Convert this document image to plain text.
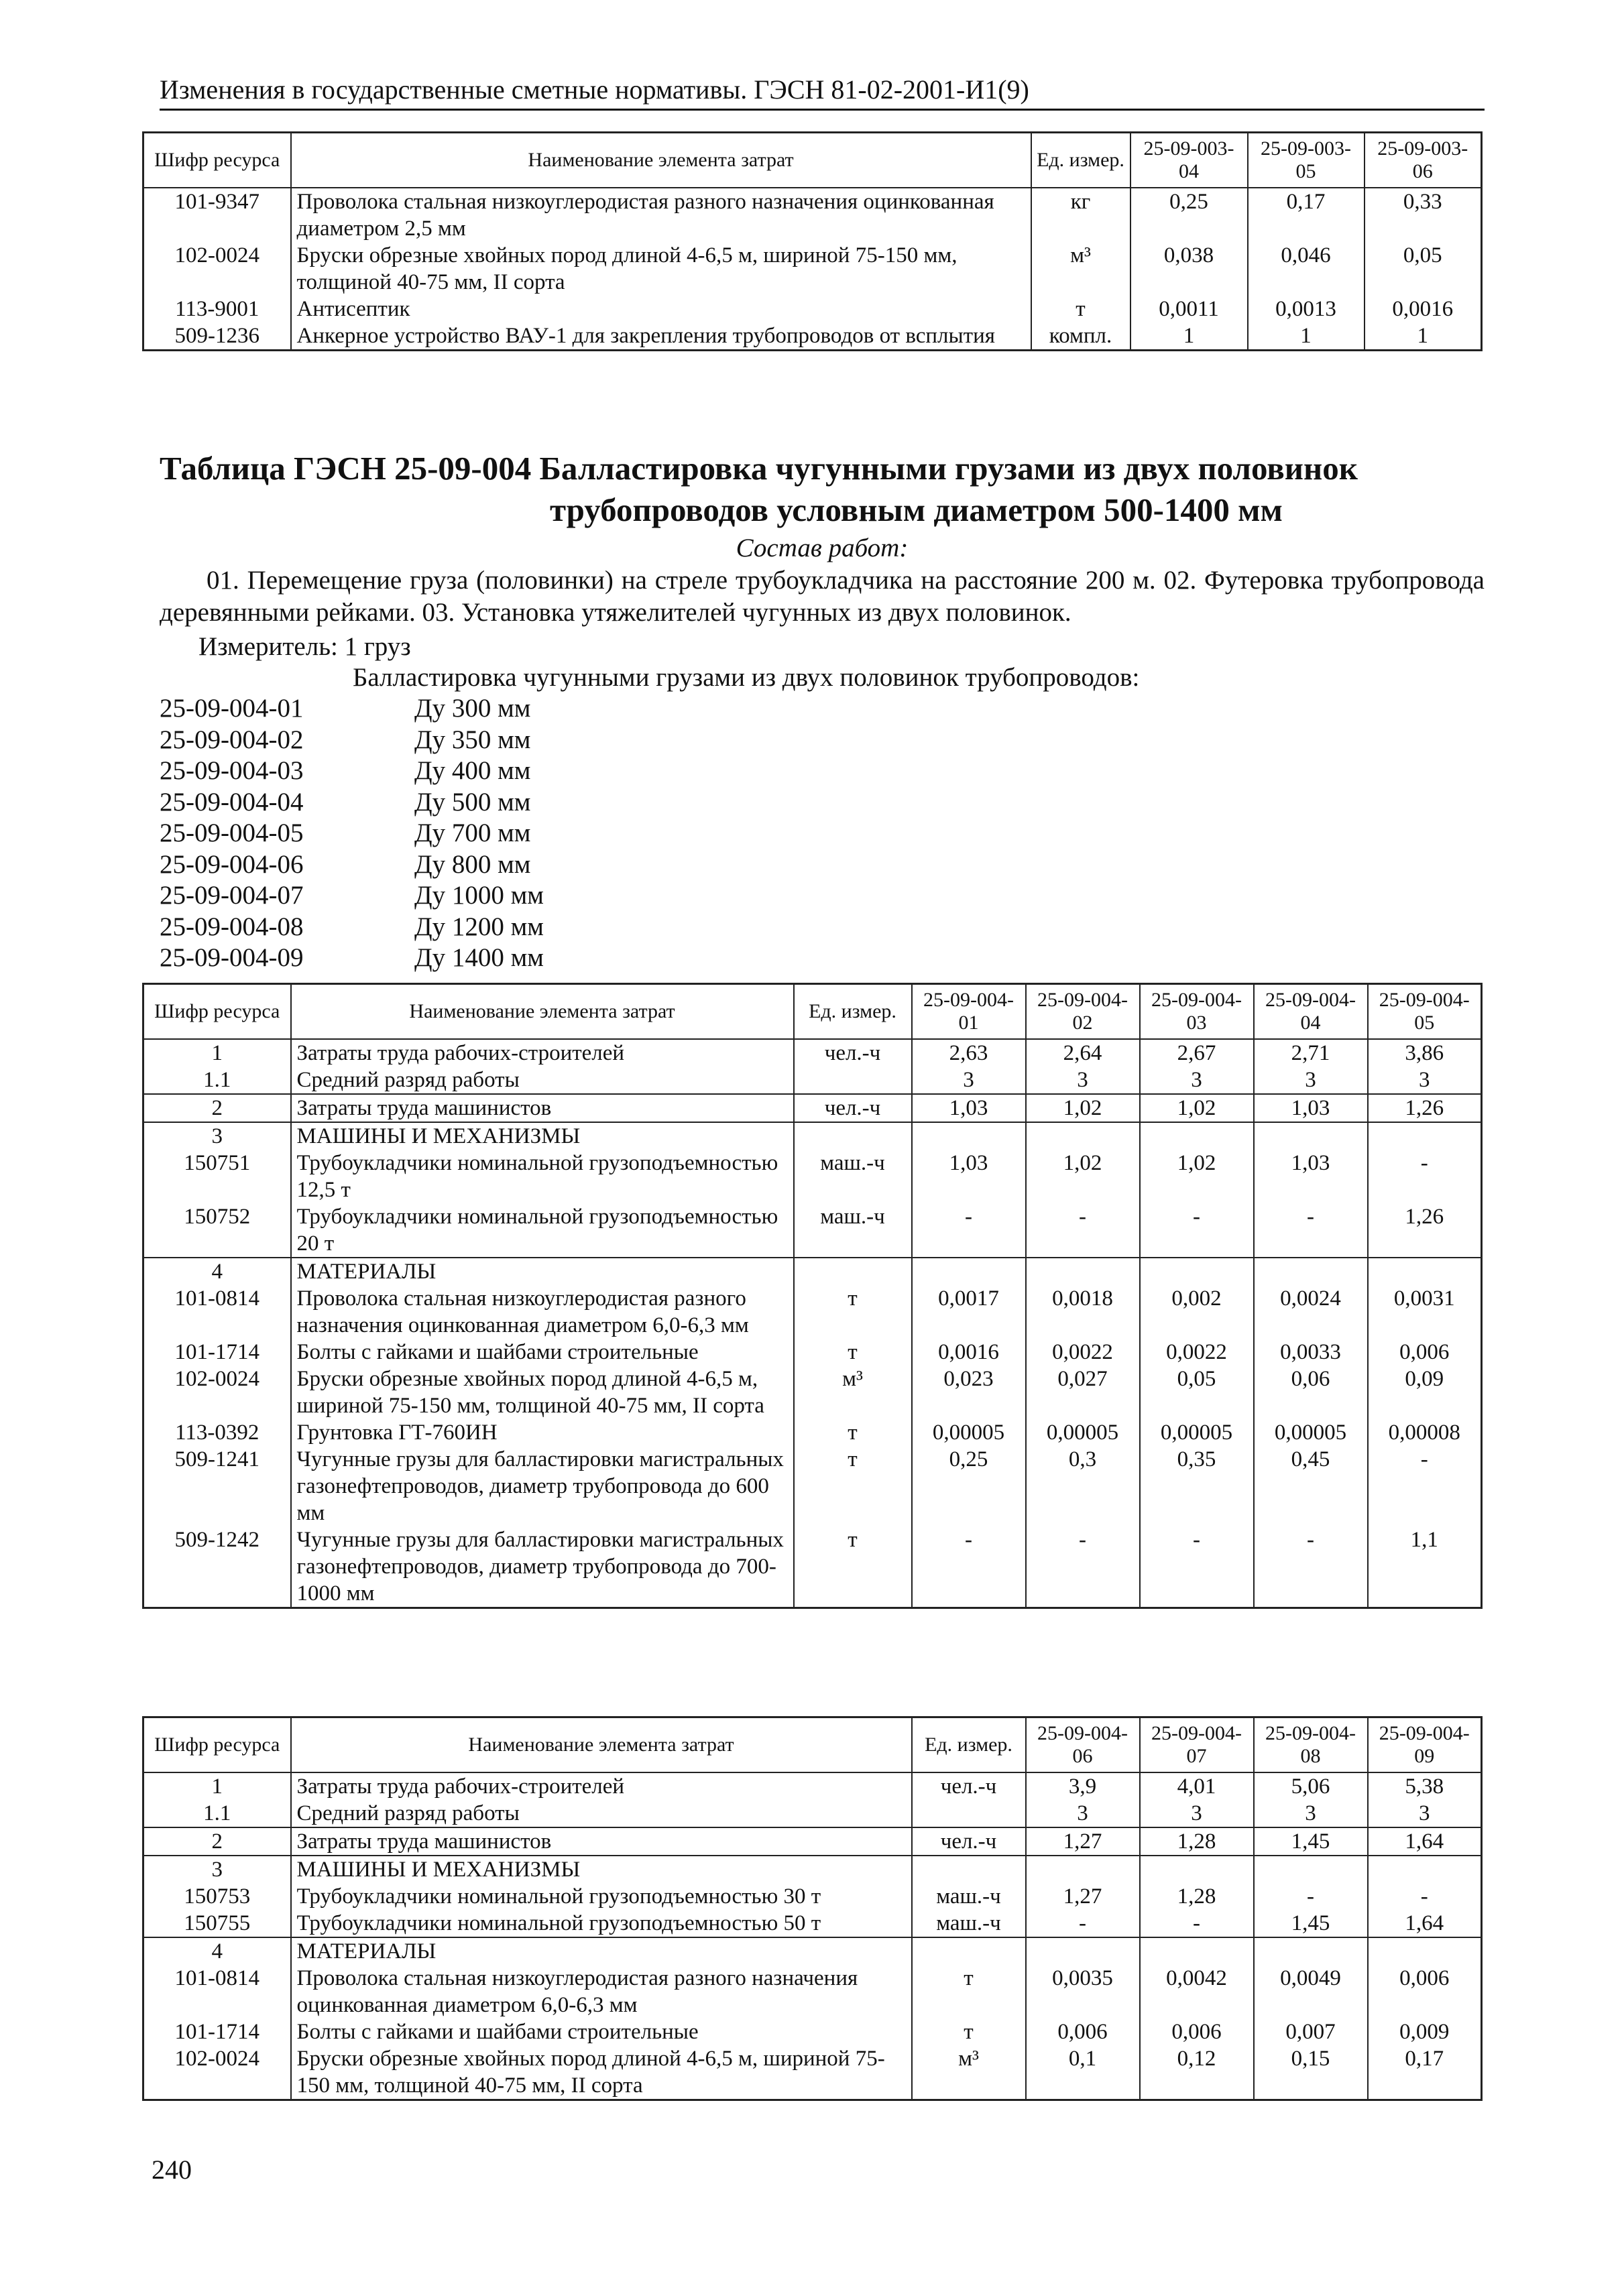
Изменения в государственные сметные нормативы. ГЭСН 81-02-2001-И1(9)
Шифр ресурса	Наименование элемента затрат	Ед. измер.	25-09-003-04	25-09-003-05	25-09-003-06
101-9347	Проволока стальная низкоуглеродистая разного назначения оцинкованная диаметром 2,5 мм	кг	0,25	0,17	0,33
102-0024	Бруски обрезные хвойных пород длиной 4-6,5 м, шириной 75-150 мм, толщиной 40-75 мм, II сорта	м³	0,038	0,046	0,05
113-9001	Антисептик	т	0,0011	0,0013	0,0016
509-1236	Анкерное устройство ВАУ-1 для закрепления трубопроводов от всплытия	компл.	1	1	1
Таблица ГЭСН 25-09-004 Балластировка чугунными грузами из двух половинок
трубопроводов условным диаметром 500-1400 мм
Состав работ:
01. Перемещение груза (половинки) на стреле трубоукладчика на расстояние 200 м. 02. Футеровка трубопровода деревянными рейками. 03. Установка утяжелителей чугунных из двух половинок.
Измеритель: 1 груз
Балластировка чугунными грузами из двух половинок трубопроводов:
25-09-004-01	Ду 300 мм
25-09-004-02	Ду 350 мм
25-09-004-03	Ду 400 мм
25-09-004-04	Ду 500 мм
25-09-004-05	Ду 700 мм
25-09-004-06	Ду 800 мм
25-09-004-07	Ду 1000 мм
25-09-004-08	Ду 1200 мм
25-09-004-09	Ду 1400 мм
Шифр ресурса	Наименование элемента затрат	Ед. измер.	25-09-004-01	25-09-004-02	25-09-004-03	25-09-004-04	25-09-004-05
1	Затраты труда рабочих-строителей	чел.-ч	2,63	2,64	2,67	2,71	3,86
1.1	Средний разряд работы		3	3	3	3	3
2	Затраты труда машинистов	чел.-ч	1,03	1,02	1,02	1,03	1,26
3	МАШИНЫ И МЕХАНИЗМЫ						
150751	Трубоукладчики номинальной грузоподъемностью 12,5 т	маш.-ч	1,03	1,02	1,02	1,03	-
150752	Трубоукладчики номинальной грузоподъемностью 20 т	маш.-ч	-	-	-	-	1,26
4	МАТЕРИАЛЫ						
101-0814	Проволока стальная низкоуглеродистая разного назначения оцинкованная диаметром 6,0-6,3 мм	т	0,0017	0,0018	0,002	0,0024	0,0031
101-1714	Болты с гайками и шайбами строительные	т	0,0016	0,0022	0,0022	0,0033	0,006
102-0024	Бруски обрезные хвойных пород длиной 4-6,5 м, шириной 75-150 мм, толщиной 40-75 мм, II сорта	м³	0,023	0,027	0,05	0,06	0,09
113-0392	Грунтовка ГТ-760ИН	т	0,00005	0,00005	0,00005	0,00005	0,00008
509-1241	Чугунные грузы для балластировки магистральных газонефтепроводов, диаметр трубопровода до 600 мм	т	0,25	0,3	0,35	0,45	-
509-1242	Чугунные грузы для балластировки магистральных газонефтепроводов, диаметр трубопровода до 700-1000 мм	т	-	-	-	-	1,1
Шифр ресурса	Наименование элемента затрат	Ед. измер.	25-09-004-06	25-09-004-07	25-09-004-08	25-09-004-09
1	Затраты труда рабочих-строителей	чел.-ч	3,9	4,01	5,06	5,38
1.1	Средний разряд работы		3	3	3	3
2	Затраты труда машинистов	чел.-ч	1,27	1,28	1,45	1,64
3	МАШИНЫ И МЕХАНИЗМЫ					
150753	Трубоукладчики номинальной грузоподъемностью 30 т	маш.-ч	1,27	1,28	-	-
150755	Трубоукладчики номинальной грузоподъемностью 50 т	маш.-ч	-	-	1,45	1,64
4	МАТЕРИАЛЫ					
101-0814	Проволока стальная низкоуглеродистая разного назначения оцинкованная диаметром 6,0-6,3 мм	т	0,0035	0,0042	0,0049	0,006
101-1714	Болты с гайками и шайбами строительные	т	0,006	0,006	0,007	0,009
102-0024	Бруски обрезные хвойных пород длиной 4-6,5 м, шириной 75-150 мм, толщиной 40-75 мм, II сорта	м³	0,1	0,12	0,15	0,17
240
